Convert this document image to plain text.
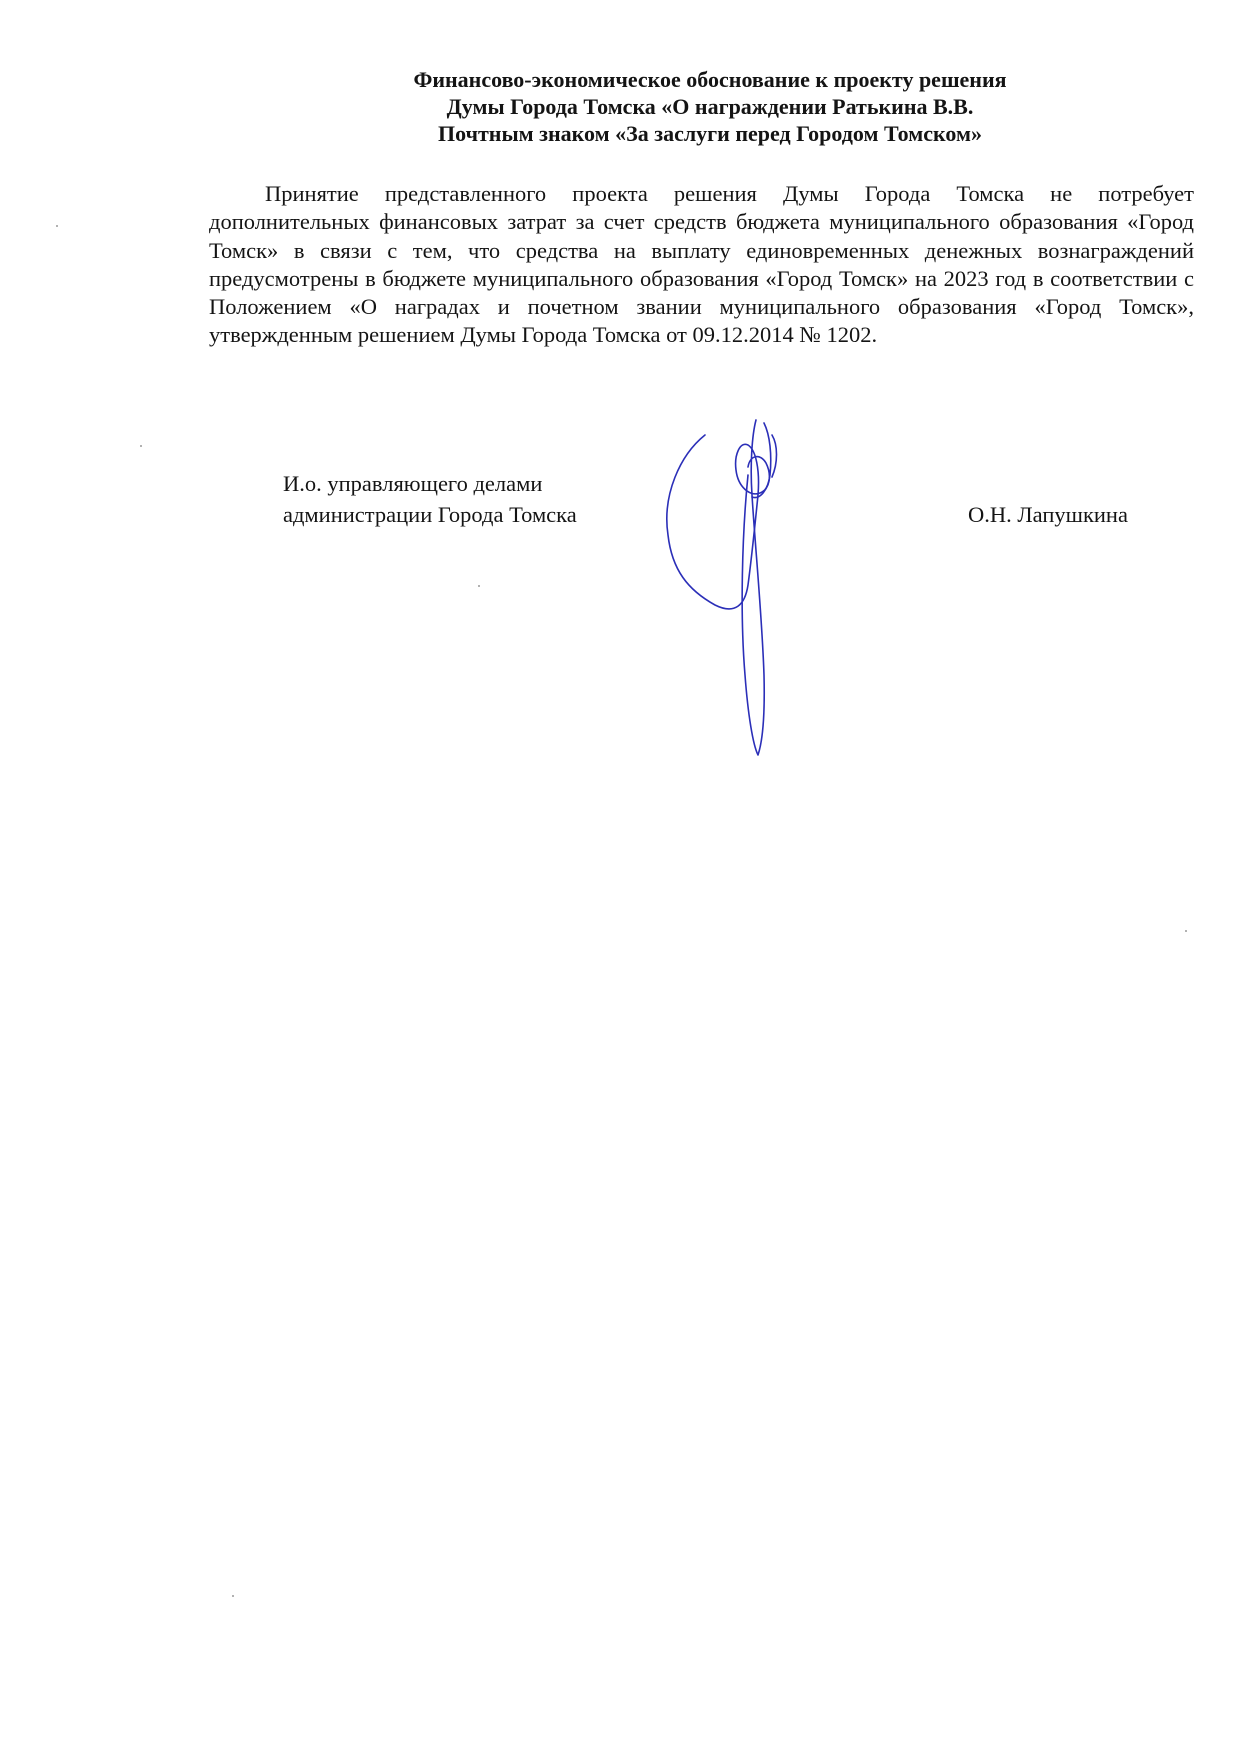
Финансово-экономическое обоснование к проекту решения
Думы Города Томска «О награждении Ратькина В.В.
Почтным знаком «За заслуги перед Городом Томском»

Принятие представленного проекта решения Думы Города Томска не потребует дополнительных финансовых затрат за счет средств бюджета муниципального образования «Город Томск» в связи с тем, что средства на выплату единовременных денежных вознаграждений предусмотрены в бюджете муниципального образования «Город Томск» на 2023 год в соответствии с Положением «О наградах и почетном звании муниципального образования «Город Томск», утвержденным решением Думы Города Томска от 09.12.2014 № 1202.

И.о. управляющего делами
администрации Города Томска	О.Н. Лапушкина
